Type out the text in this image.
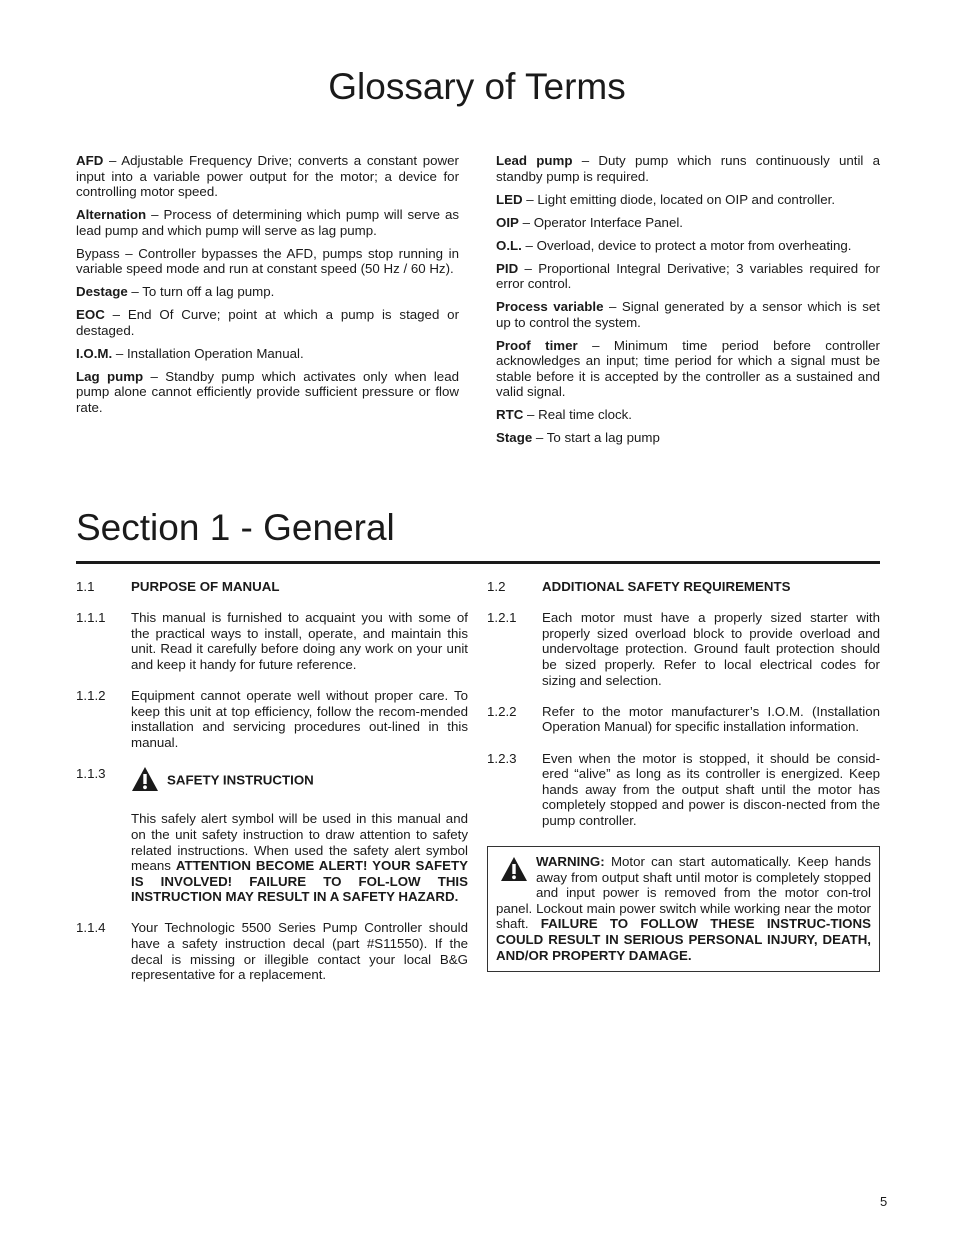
Glossary of Terms

AFD – Adjustable Frequency Drive; converts a constant power input into a variable power output for the motor; a device for controlling motor speed.

Alternation – Process of determining which pump will serve as lead pump and which pump will serve as lag pump.

Bypass – Controller bypasses the AFD, pumps stop running in variable speed mode and run at constant speed (50 Hz / 60 Hz).

Destage – To turn off a lag pump.

EOC – End Of Curve; point at which a pump is staged or destaged.

I.O.M. – Installation Operation Manual.

Lag pump – Standby pump which activates only when lead pump alone cannot efficiently provide sufficient pressure or flow rate.

Lead pump – Duty pump which runs continuously until a standby pump is required.

LED – Light emitting diode, located on OIP and controller.

OIP – Operator Interface Panel.

O.L. – Overload, device to protect a motor from overheating.

PID – Proportional Integral Derivative; 3 variables required for error control.

Process variable – Signal generated by a sensor which is set up to control the system.

Proof timer – Minimum time period before controller acknowledges an input; time period for which a signal must be stable before it is accepted by the controller as a sustained and valid signal.

RTC – Real time clock.

Stage – To start a lag pump

Section 1 - General
1.1	PURPOSE OF MANUAL
1.1.1	This manual is furnished to acquaint you with some of the practical ways to install, operate, and maintain this unit. Read it carefully before doing any work on your unit and keep it handy for future reference.
1.1.2	Equipment cannot operate well without proper care. To keep this unit at top efficiency, follow the recom-mended installation and servicing procedures out-lined in this manual.
1.1.3	SAFETY INSTRUCTION
This safely alert symbol will be used in this manual and on the unit safety instruction to draw attention to safety related instructions. When used the safety alert symbol means ATTENTION BECOME ALERT! YOUR SAFETY IS INVOLVED! FAILURE TO FOL-LOW THIS INSTRUCTION MAY RESULT IN A SAFETY HAZARD.
1.1.4	Your Technologic 5500 Series Pump Controller should have a safety instruction decal (part #S11550). If the decal is missing or illegible contact your local B&G representative for a replacement.
1.2	ADDITIONAL SAFETY REQUIREMENTS
1.2.1	Each motor must have a properly sized starter with properly sized overload block to provide overload and undervoltage protection. Ground fault protection should be sized properly. Refer to local electrical codes for sizing and selection.
1.2.2	Refer to the motor manufacturer’s I.O.M. (Installation Operation Manual) for specific installation information.
1.2.3	Even when the motor is stopped, it should be consid-ered “alive” as long as its controller is energized. Keep hands away from the output shaft until the motor has completely stopped and power is discon-nected from the pump controller.
WARNING: Motor can start automatically. Keep hands away from output shaft until motor is completely stopped and input power is removed from the motor con-trol panel. Lockout main power switch while working near the motor shaft. FAILURE TO FOLLOW THESE INSTRUC-TIONS COULD RESULT IN SERIOUS PERSONAL INJURY, DEATH, AND/OR PROPERTY DAMAGE.
5
